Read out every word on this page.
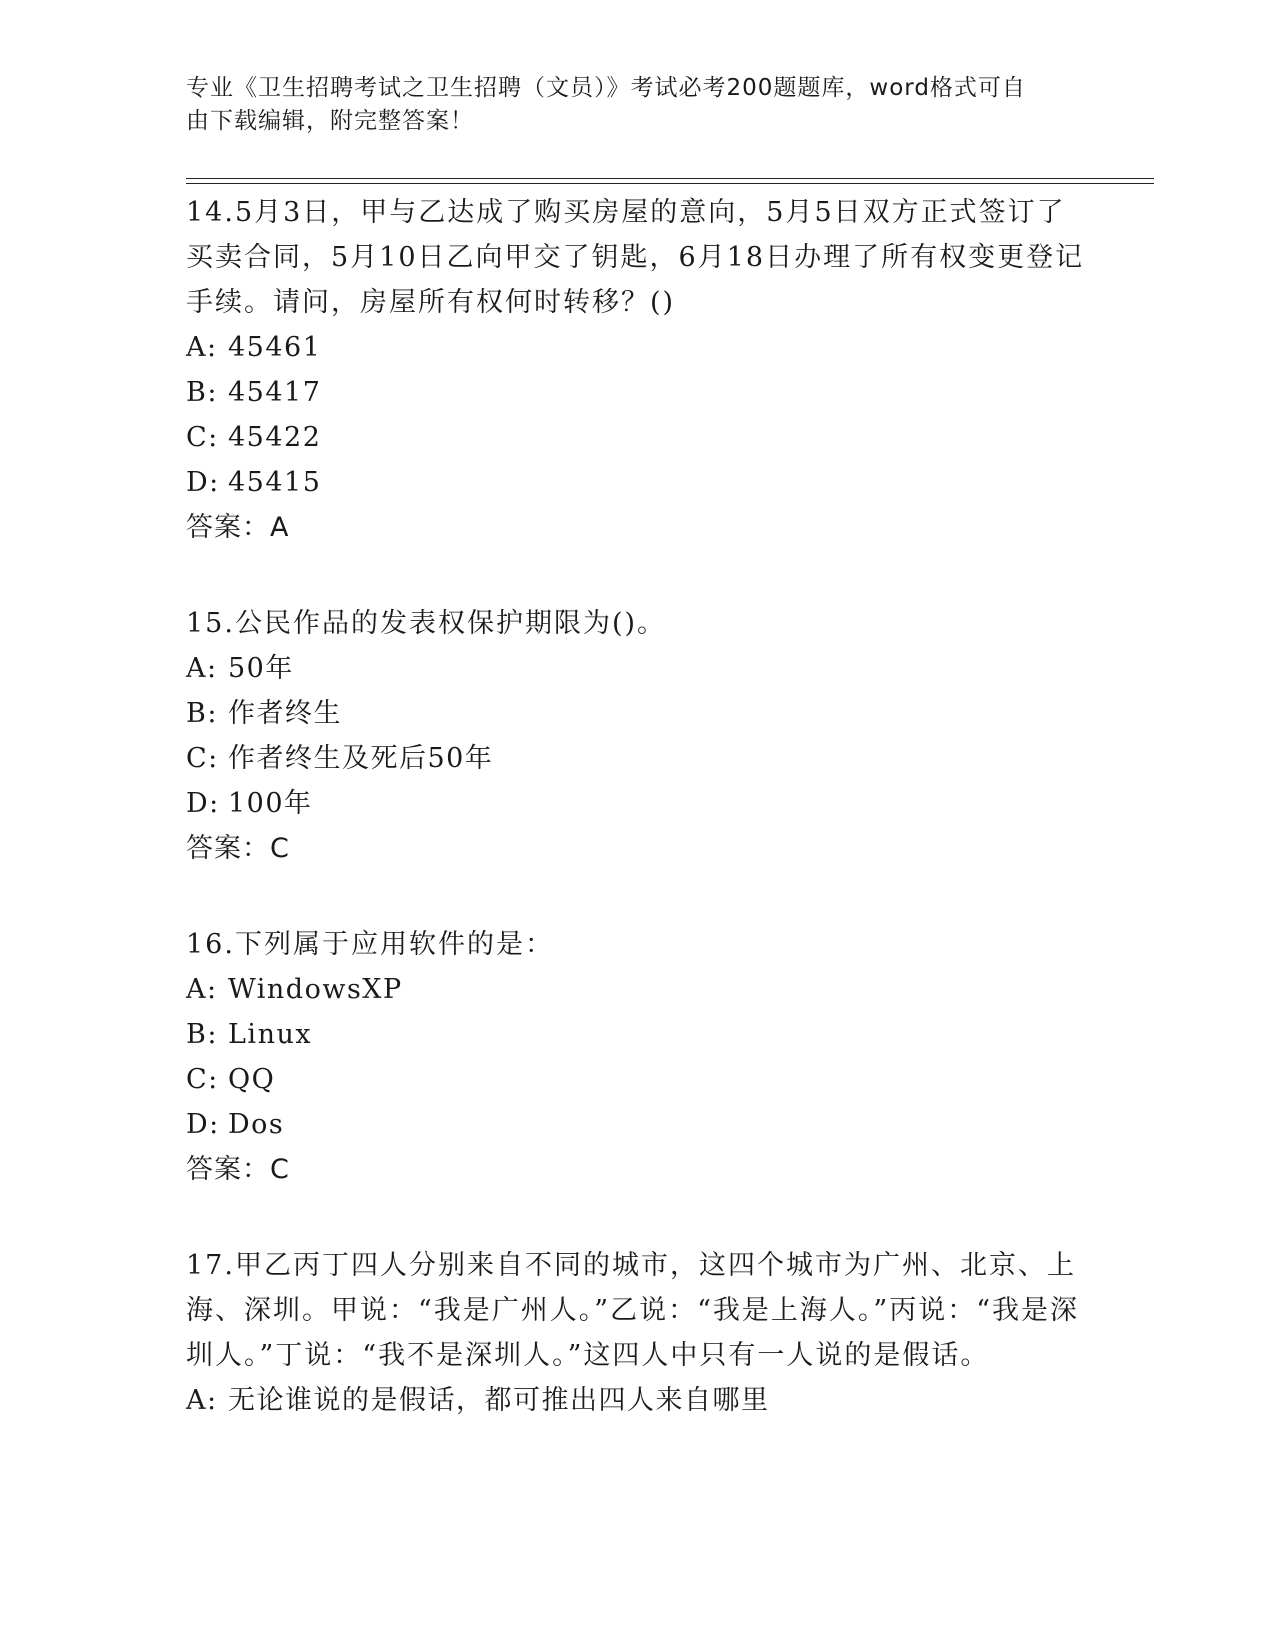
专业《卫生招聘考试之卫生招聘（文员）》考试必考200题题库，word格式可自
由下载编辑，附完整答案！

14.5月3日，甲与乙达成了购买房屋的意向，5月5日双方正式签订了买卖合同，5月10日乙向甲交了钥匙，6月18日办理了所有权变更登记手续。请问，房屋所有权何时转移？()

A: 45461

B: 45417

C: 45422

D: 45415

答案：A

15.公民作品的发表权保护期限为()。

A: 50年

B: 作者终生

C: 作者终生及死后50年

D: 100年

答案：C

16.下列属于应用软件的是：

A: WindowsXP

B: Linux

C: QQ

D: Dos

答案：C

17.甲乙丙丁四人分别来自不同的城市，这四个城市为广州、北京、上海、深圳。甲说：“我是广州人。”乙说：“我是上海人。”丙说：“我是深圳人。”丁说：“我不是深圳人。”这四人中只有一人说的是假话。

A: 无论谁说的是假话，都可推出四人来自哪里
